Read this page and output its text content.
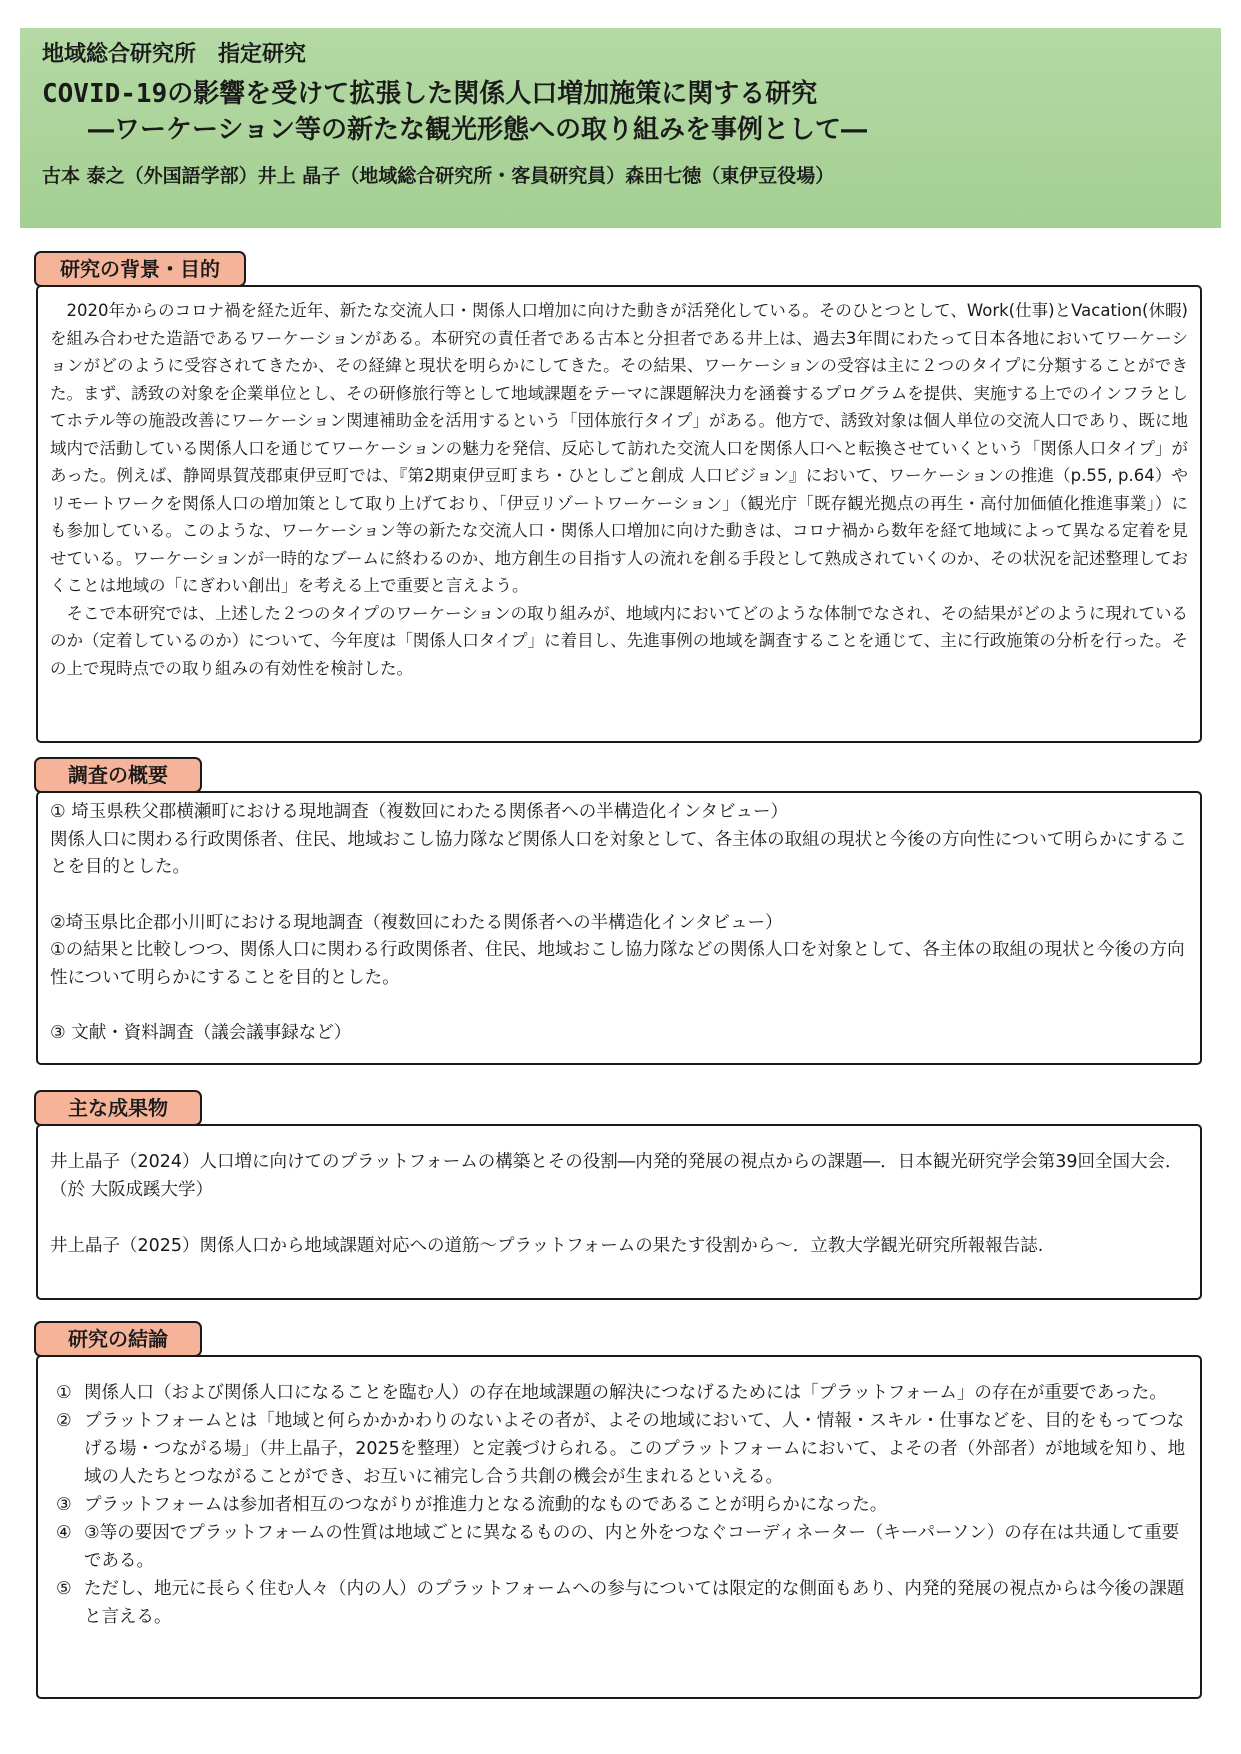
地域総合研究所　指定研究
COVID-19の影響を受けて拡張した関係人口増加施策に関する研究
―ワーケーション等の新たな観光形態への取り組みを事例として―
古本 泰之（外国語学部）井上 晶子（地域総合研究所・客員研究員）森田七徳（東伊豆役場）
研究の背景・目的

2020年からのコロナ禍を経た近年、新たな交流人口・関係人口増加に向けた動きが活発化している。そのひとつとして、Work(仕事)とVacation(休暇)を組み合わせた造語であるワーケーションがある。本研究の責任者である古本と分担者である井上は、過去3年間にわたって日本各地においてワーケーションがどのように受容されてきたか、その経緯と現状を明らかにしてきた。その結果、ワーケーションの受容は主に２つのタイプに分類することができた。まず、誘致の対象を企業単位とし、その研修旅行等として地域課題をテーマに課題解決力を涵養するプログラムを提供、実施する上でのインフラとしてホテル等の施設改善にワーケーション関連補助金を活用するという「団体旅行タイプ」がある。他方で、誘致対象は個人単位の交流人口であり、既に地域内で活動している関係人口を通じてワーケーションの魅力を発信、反応して訪れた交流人口を関係人口へと転換させていくという「関係人口タイプ」があった。例えば、静岡県賀茂郡東伊豆町では、『第2期東伊豆町まち・ひとしごと創成 人口ビジョン』において、ワーケーションの推進（p.55, p.64）やリモートワークを関係人口の増加策として取り上げており、「伊豆リゾートワーケーション」（観光庁「既存観光拠点の再生・高付加価値化推進事業」）にも参加している。このような、ワーケーション等の新たな交流人口・関係人口増加に向けた動きは、コロナ禍から数年を経て地域によって異なる定着を見せている。ワーケーションが一時的なブームに終わるのか、地方創生の目指す人の流れを創る手段として熟成されていくのか、その状況を記述整理しておくことは地域の「にぎわい創出」を考える上で重要と言えよう。

そこで本研究では、上述した２つのタイプのワーケーションの取り組みが、地域内においてどのような体制でなされ、その結果がどのように現れているのか（定着しているのか）について、今年度は「関係人口タイプ」に着目し、先進事例の地域を調査することを通じて、主に行政施策の分析を行った。その上で現時点での取り組みの有効性を検討した。

調査の概要

① 埼玉県秩父郡横瀬町における現地調査（複数回にわたる関係者への半構造化インタビュー）

関係人口に関わる行政関係者、住民、地域おこし協力隊など関係人口を対象として、各主体の取組の現状と今後の方向性について明らかにすることを目的とした。

②埼玉県比企郡小川町における現地調査（複数回にわたる関係者への半構造化インタビュー）

①の結果と比較しつつ、関係人口に関わる行政関係者、住民、地域おこし協力隊などの関係人口を対象として、各主体の取組の現状と今後の方向性について明らかにすることを目的とした。

③ 文献・資料調査（議会議事録など）

主な成果物

井上晶子（2024）人口増に向けてのプラットフォームの構築とその役割―内発的発展の視点からの課題―．日本観光研究学会第39回全国大会．（於 大阪成蹊大学）

井上晶子（2025）関係人口から地域課題対応への道筋～プラットフォームの果たす役割から～．立教大学観光研究所報報告誌.

研究の結論
① 関係人口（および関係人口になることを臨む人）の存在地域課題の解決につなげるためには「プラットフォーム」の存在が重要であった。
② プラットフォームとは「地域と何らかかかわりのないよその者が、よその地域において、人・情報・スキル・仕事などを、目的をもってつなげる場・つながる場」（井上晶子，2025を整理）と定義づけられる。このプラットフォームにおいて、よその者（外部者）が地域を知り、地域の人たちとつながることができ、お互いに補完し合う共創の機会が生まれるといえる。
③ プラットフォームは参加者相互のつながりが推進力となる流動的なものであることが明らかになった。
④ ③等の要因でプラットフォームの性質は地域ごとに異なるものの、内と外をつなぐコーディネーター（キーパーソン）の存在は共通して重要である。
⑤ ただし、地元に長らく住む人々（内の人）のプラットフォームへの参与については限定的な側面もあり、内発的発展の視点からは今後の課題と言える。
